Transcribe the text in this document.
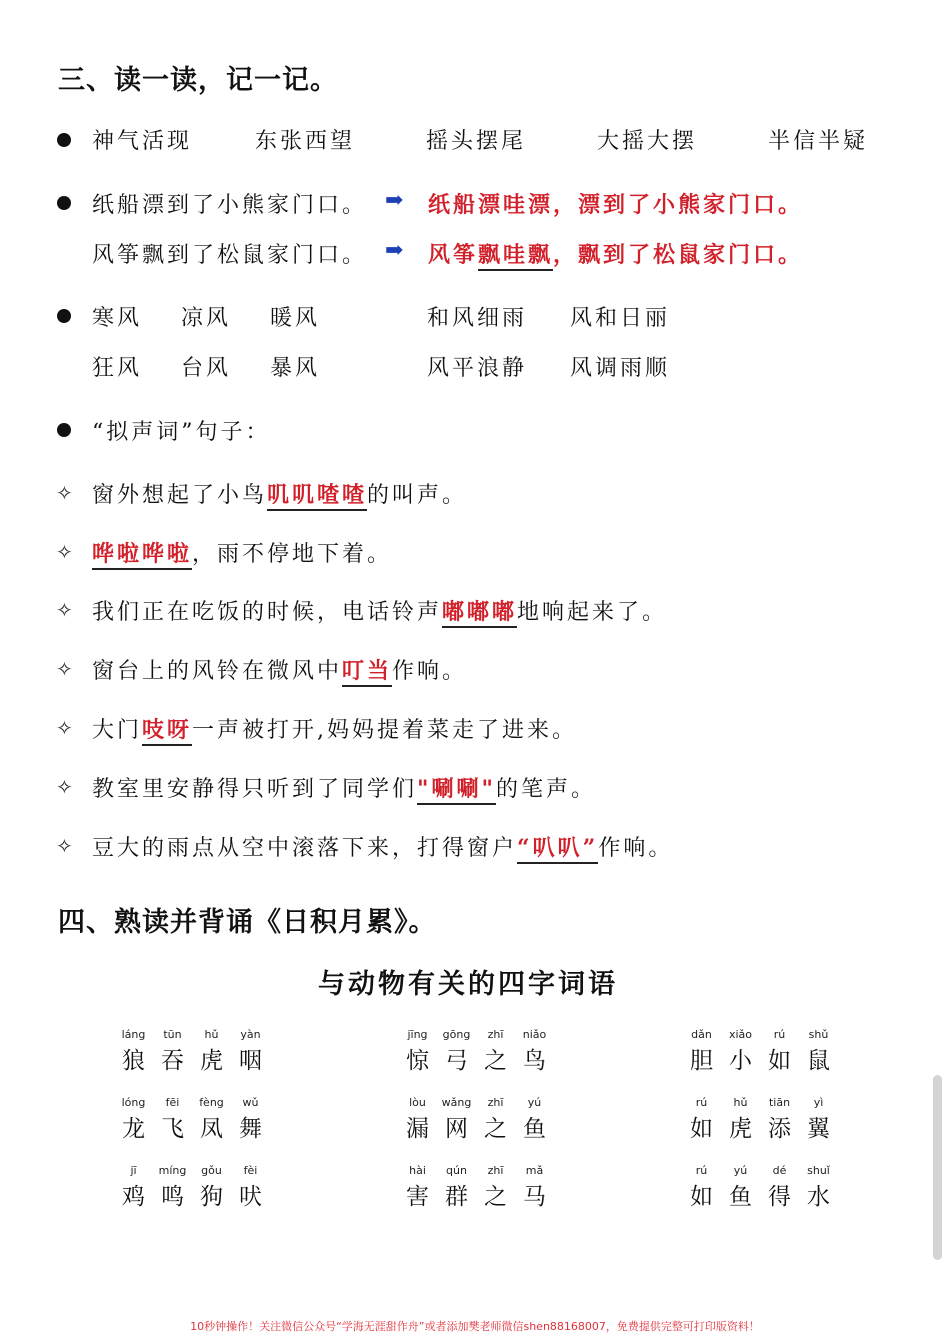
三、读一读，记一记。
神气活现	东张西望	摇头摆尾	大摇大摆	半信半疑
纸船漂到了小熊家门口。 ➡ 纸船漂哇漂，漂到了小熊家门口。
风筝飘到了松鼠家门口。 ➡ 风筝飘哇飘，飘到了松鼠家门口。
寒风 凉风 暖风	和风细雨 风和日丽
狂风 台风 暴风	风平浪静 风调雨顺
“拟声词”句子：
✧ 窗外想起了小鸟叽叽喳喳的叫声。
✧ 哗啦哗啦，雨不停地下着。
✧ 我们正在吃饭的时候，电话铃声嘟嘟嘟地响起来了。
✧ 窗台上的风铃在微风中叮当作响。
✧ 大门吱呀一声被打开,妈妈提着菜走了进来。
✧ 教室里安静得只听到了同学们"唰唰"的笔声。
✧ 豆大的雨点从空中滚落下来，打得窗户“叭叭”作响。
四、熟读并背诵《日积月累》。
与动物有关的四字词语
láng	tūn	hǔ	yàn
狼 吞 虎 咽
jīng	gōng	zhī	niǎo
惊 弓 之 鸟
dǎn	xiǎo	rú	shǔ
胆 小 如 鼠
lóng	fēi	fèng	wǔ
龙 飞 凤 舞
lòu	wǎng	zhī	yú
漏 网 之 鱼
rú	hǔ	tiān	yì
如 虎 添 翼
jī	míng	gǒu	fèi
鸡 鸣 狗 吠
hài	qún	zhī	mǎ
害 群 之 马
rú	yú	dé	shuǐ
如 鱼 得 水
10秒钟操作！关注微信公众号“学海无涯甜作舟”或者添加樊老师微信shen88168007，免费提供完整可打印版资料！
